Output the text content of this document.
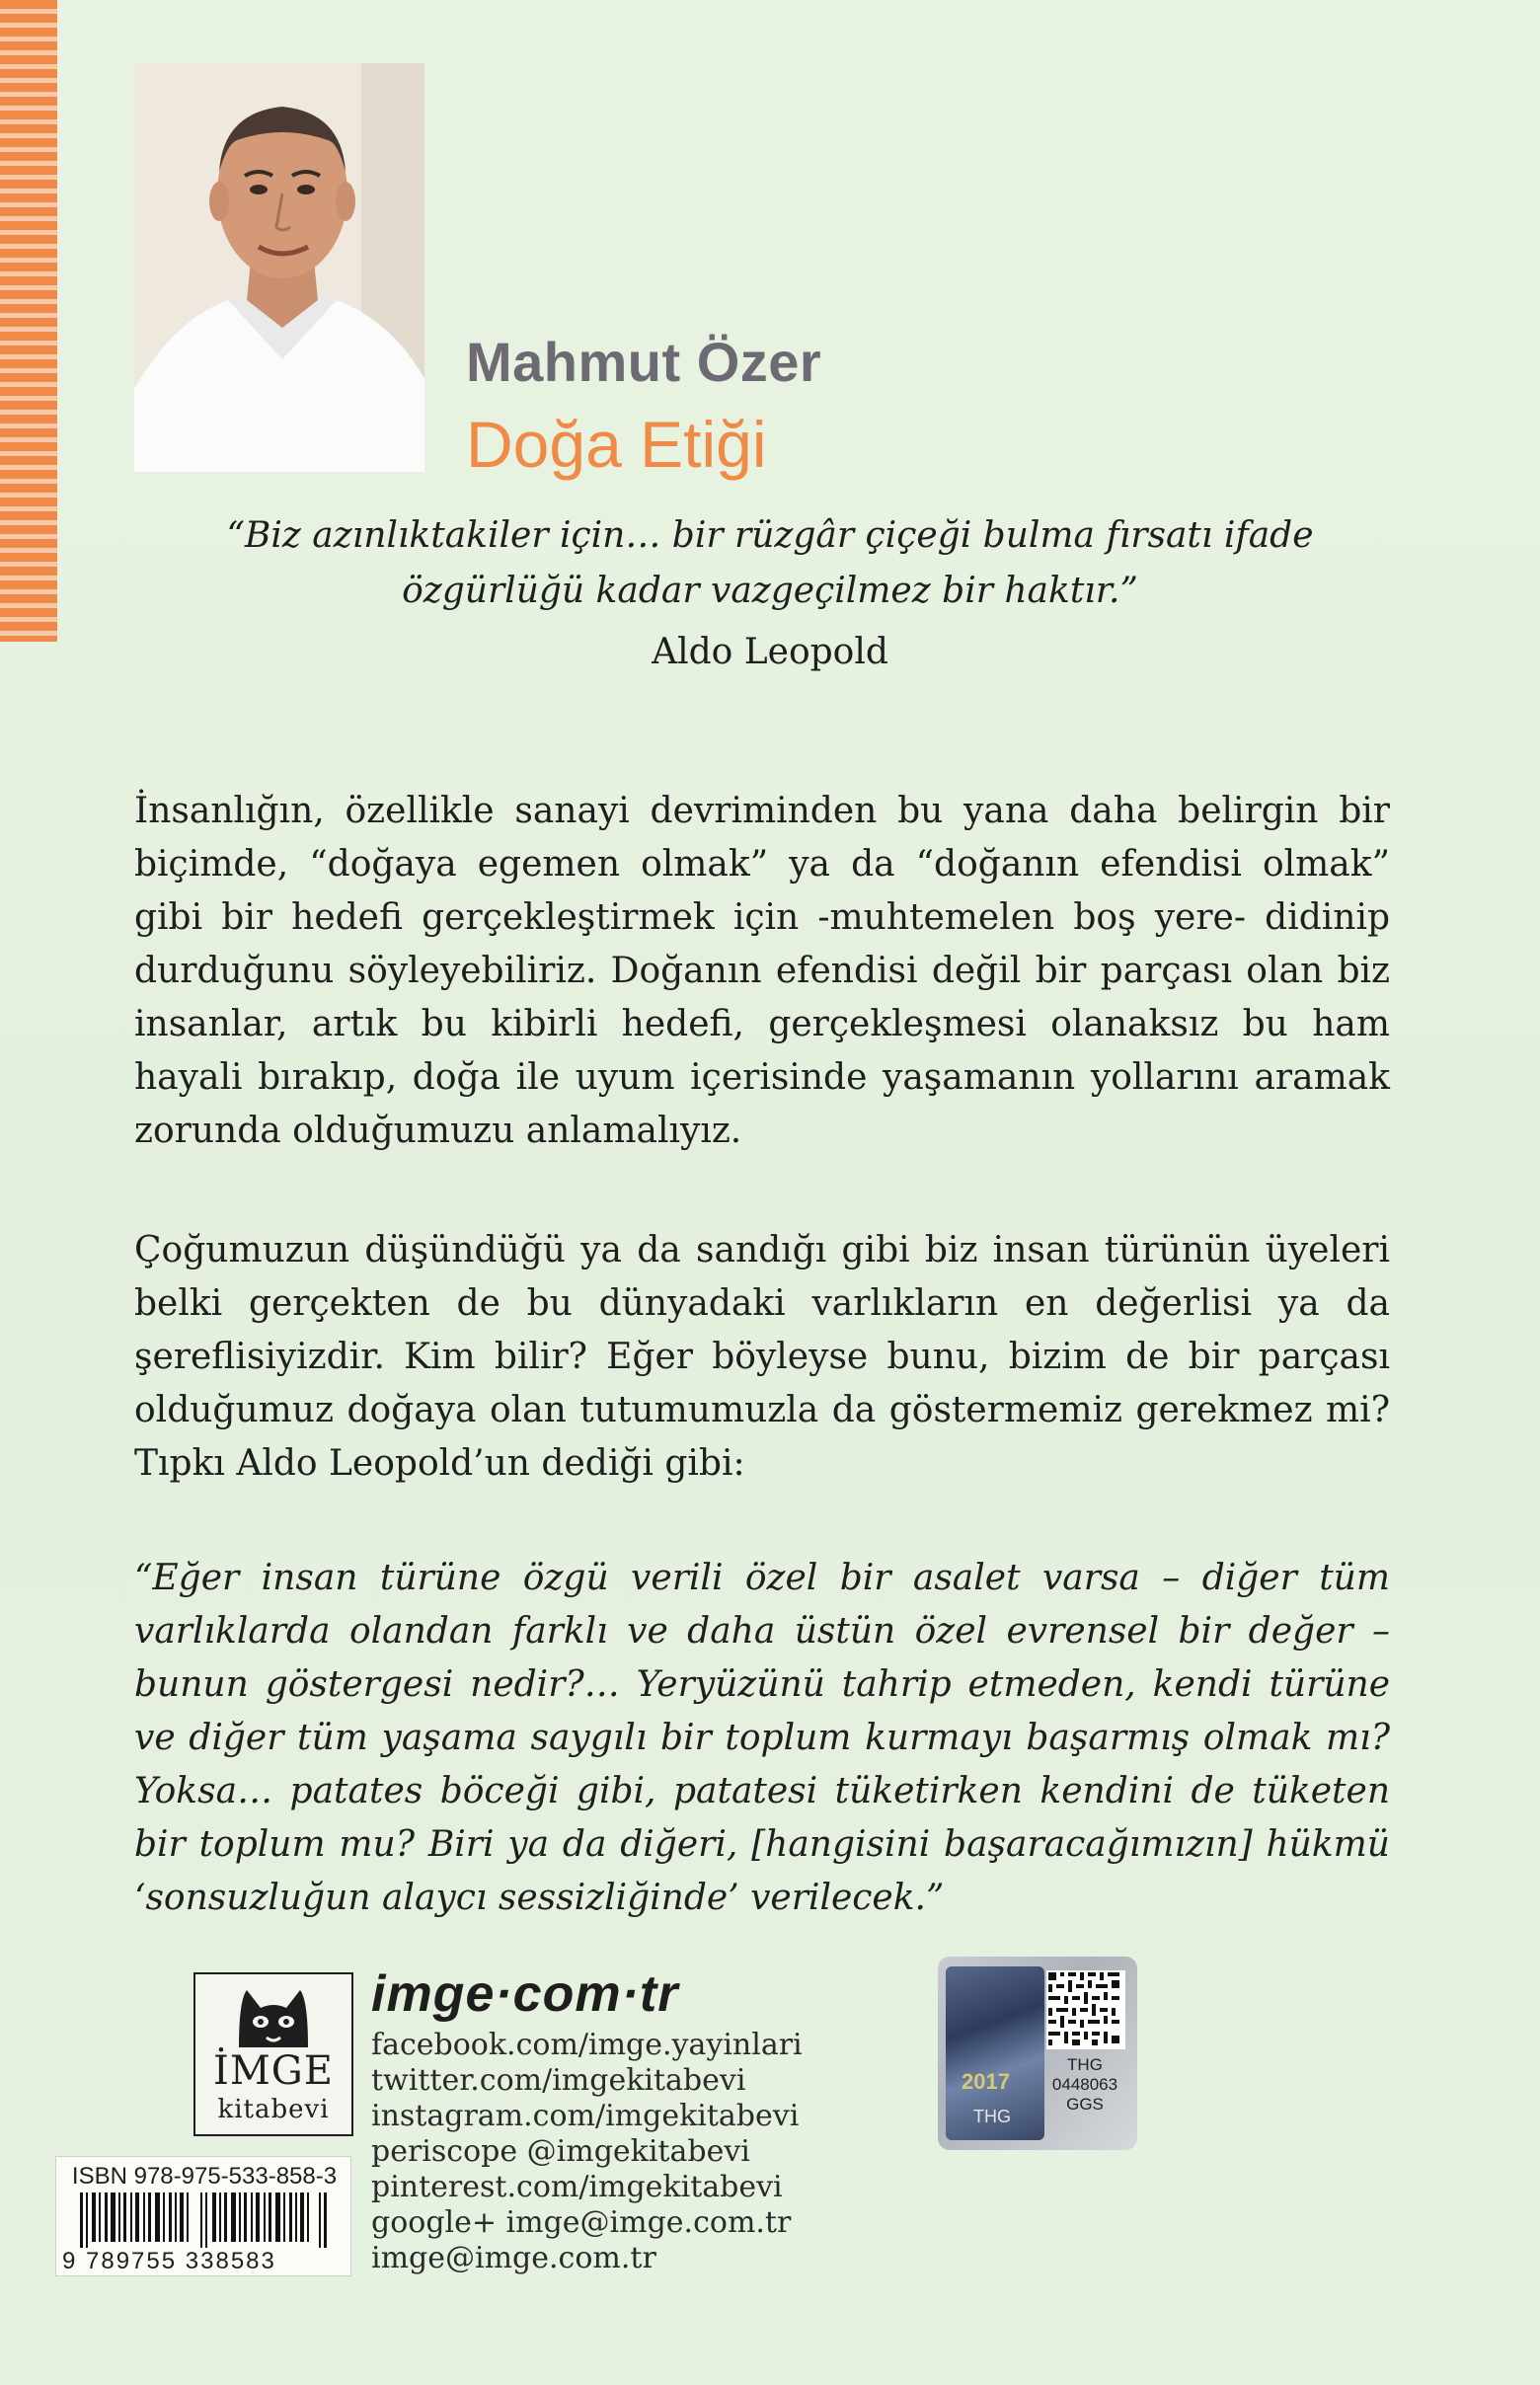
Mahmut Özer
Doğa Etiği
“Biz azınlıktakiler için… bir rüzgâr çiçeği bulma fırsatı ifade
özgürlüğü kadar vazgeçilmez bir haktır.”
Aldo Leopold
İnsanlığın, özellikle sanayi devriminden bu yana daha belirgin bir biçimde, “doğaya egemen olmak” ya da “doğanın efendisi olmak” gibi bir hedefi gerçekleştirmek için -muhtemelen boş yere- didinip durduğunu söyleyebiliriz. Doğanın efendisi değil bir parçası olan biz insanlar, artık bu kibirli hedefi, gerçekleşmesi olanaksız bu ham hayali bırakıp, doğa ile uyum içerisinde yaşamanın yollarını aramak zorunda olduğumuzu anlamalıyız.
Çoğumuzun düşündüğü ya da sandığı gibi biz insan türünün üyeleri belki gerçekten de bu dünyadaki varlıkların en değerlisi ya da şereflisiyizdir. Kim bilir? Eğer böyleyse bunu, bizim de bir parçası olduğumuz doğaya olan tutumumuzla da göstermemiz gerekmez mi? Tıpkı Aldo Leopold’un dediği gibi:
“Eğer insan türüne özgü verili özel bir asalet varsa – diğer tüm varlıklarda olandan farklı ve daha üstün özel evrensel bir değer – bunun göstergesi nedir?… Yeryüzünü tahrip etmeden, kendi türüne ve diğer tüm yaşama saygılı bir toplum kurmayı başarmış olmak mı? Yoksa… patates böceği gibi, patatesi tüketirken kendini de tüketen bir toplum mu? Biri ya da diğeri, [hangisini başaracağımızın] hükmü ‘sonsuzluğun alaycı sessizliğinde’ verilecek.”
İMGE
kitabevi
imge·com·tr
facebook.com/imge.yayinlari
twitter.com/imgekitabevi
instagram.com/imgekitabevi
periscope @imgekitabevi
pinterest.com/imgekitabevi
google+ imge@imge.com.tr
imge@imge.com.tr
ISBN 978-975-533-858-3
9 789755 338583
2017
THG
THG
0448063
GGS
